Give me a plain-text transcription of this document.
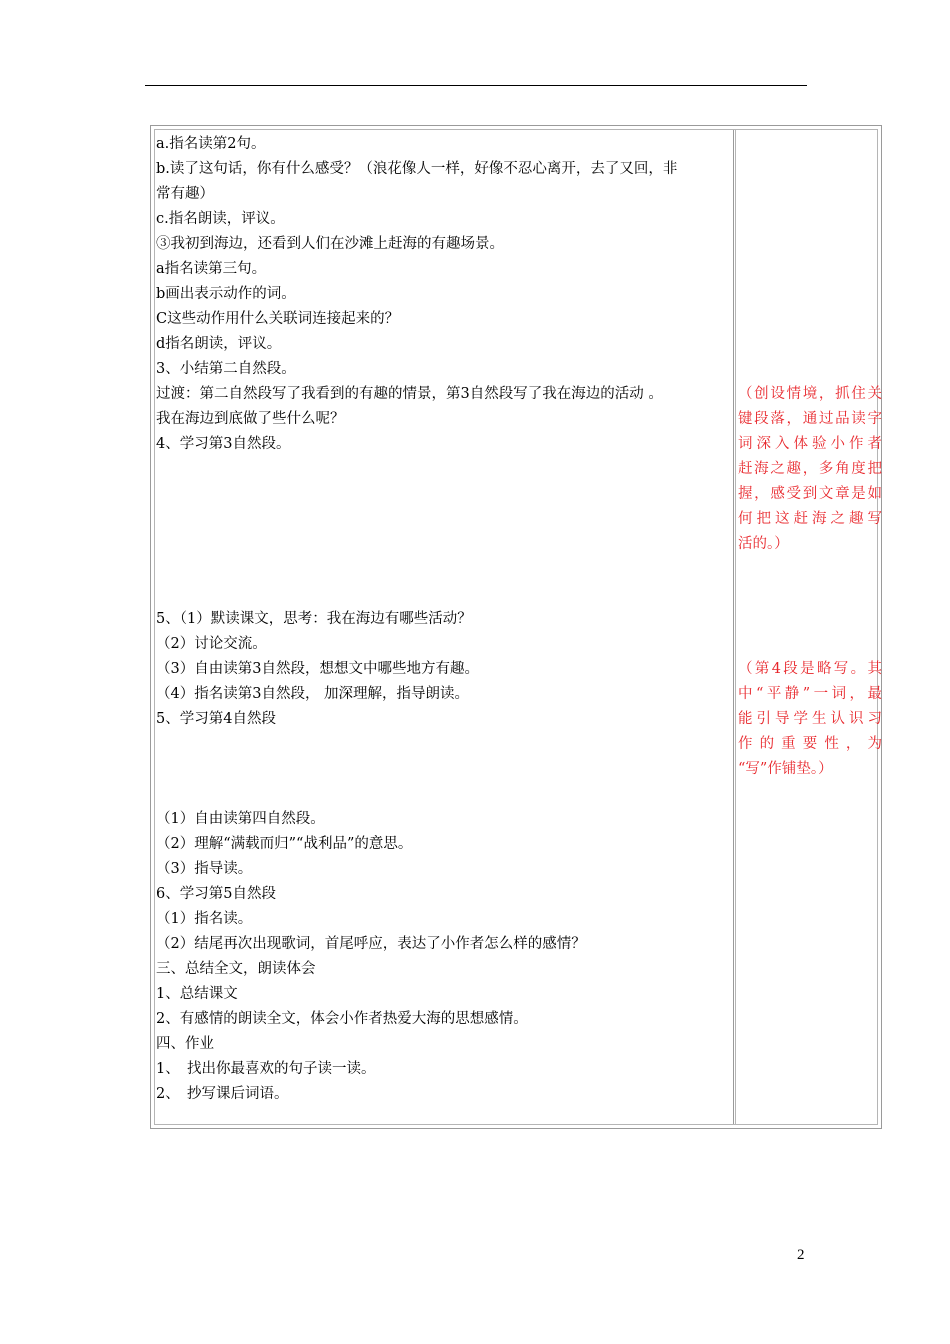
a.指名读第2句。
b.读了这句话，你有什么感受？（浪花像人一样，好像不忍心离开，去了又回，非
常有趣）
c.指名朗读，评议。
③我初到海边，还看到人们在沙滩上赶海的有趣场景。
a指名读第三句。
b画出表示动作的词。
C这些动作用什么关联词连接起来的？
d指名朗读，评议。
3、小结第二自然段。
过渡：第二自然段写了我看到的有趣的情景，第3自然段写了我在海边的活动 。
我在海边到底做了些什么呢？
4、学习第3自然段。
5、（1）默读课文，思考：我在海边有哪些活动？
（2）讨论交流。
（3）自由读第3自然段，想想文中哪些地方有趣。
（4）指名读第3自然段， 加深理解，指导朗读。
5、学习第4自然段
（1）自由读第四自然段。
（2）理解“满载而归”“战利品”的意思。
（3）指导读。
6、学习第5自然段
（1）指名读。
（2）结尾再次出现歌词，首尾呼应，表达了小作者怎么样的感情？
三、总结全文，朗读体会
1、总结课文
2、有感情的朗读全文，体会小作者热爱大海的思想感情。
四、作业
1、　找出你最喜欢的句子读一读。
2、　抄写课后词语。
（创设情境，抓住关
键段落，通过品读字
词深入体验小作者
赶海之趣，多角度把
握，感受到文章是如
何把这赶海之趣写
活的。）
（第4段是略写。其
中“平静”一词，最
能引导学生认识习
作 的 重 要 性 ， 为
“写”作铺垫。）
2
